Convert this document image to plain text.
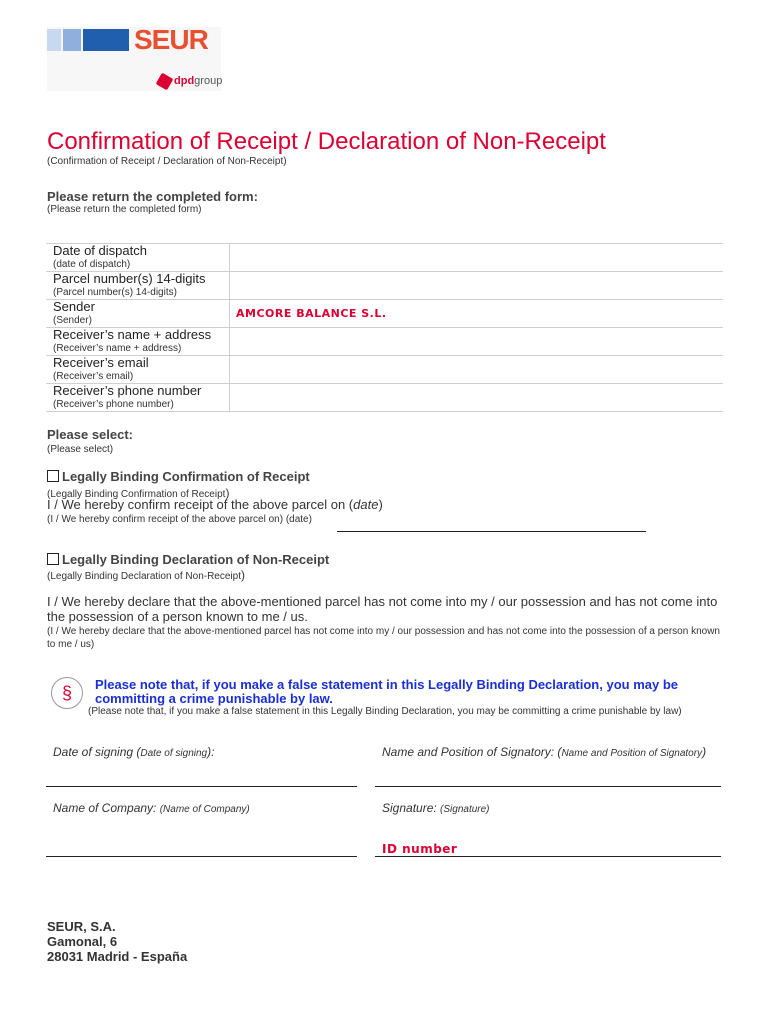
SEUR
dpdgroup
Confirmation of Receipt / Declaration of Non-Receipt
(Confirmation of Receipt / Declaration of Non-Receipt)
Please return the completed form:
(Please return the completed form)
Date of dispatch
(date of dispatch)	

Parcel number(s) 14-digits
(Parcel number(s) 14-digits)	

Sender
(Sender)	AMCORE BALANCE S.L.

Receiver’s name + address
(Receiver’s name + address)	

Receiver’s email
(Receiver’s email)	

Receiver’s phone number
(Receiver’s phone number)	

Please select:
(Please select)
Legally Binding Confirmation of Receipt
(Legally Binding Confirmation of Receipt)
I / We hereby confirm receipt of the above parcel on (date)
(I / We hereby confirm receipt of the above parcel on) (date)
Legally Binding Declaration of Non-Receipt
(Legally Binding Declaration of Non-Receipt)
I / We hereby declare that the above-mentioned parcel has not come into my / our possession and has not come into the possession of a person known to me / us.
(I / We hereby declare that the above-mentioned parcel has not come into my / our possession and has not come into the possession of a person known to me / us)
§	Please note that, if you make a false statement in this Legally Binding Declaration, you may be committing a crime punishable by law.
(Please note that, if you make a false statement in this Legally Binding Declaration, you may be committing a crime punishable by law)
Date of signing (Date of signing):	Name and Position of Signatory: (Name and Position of Signatory)
Name of Company: (Name of Company)	Signature: (Signature)
ID number
SEUR, S.A.
Gamonal, 6
28031 Madrid - España
